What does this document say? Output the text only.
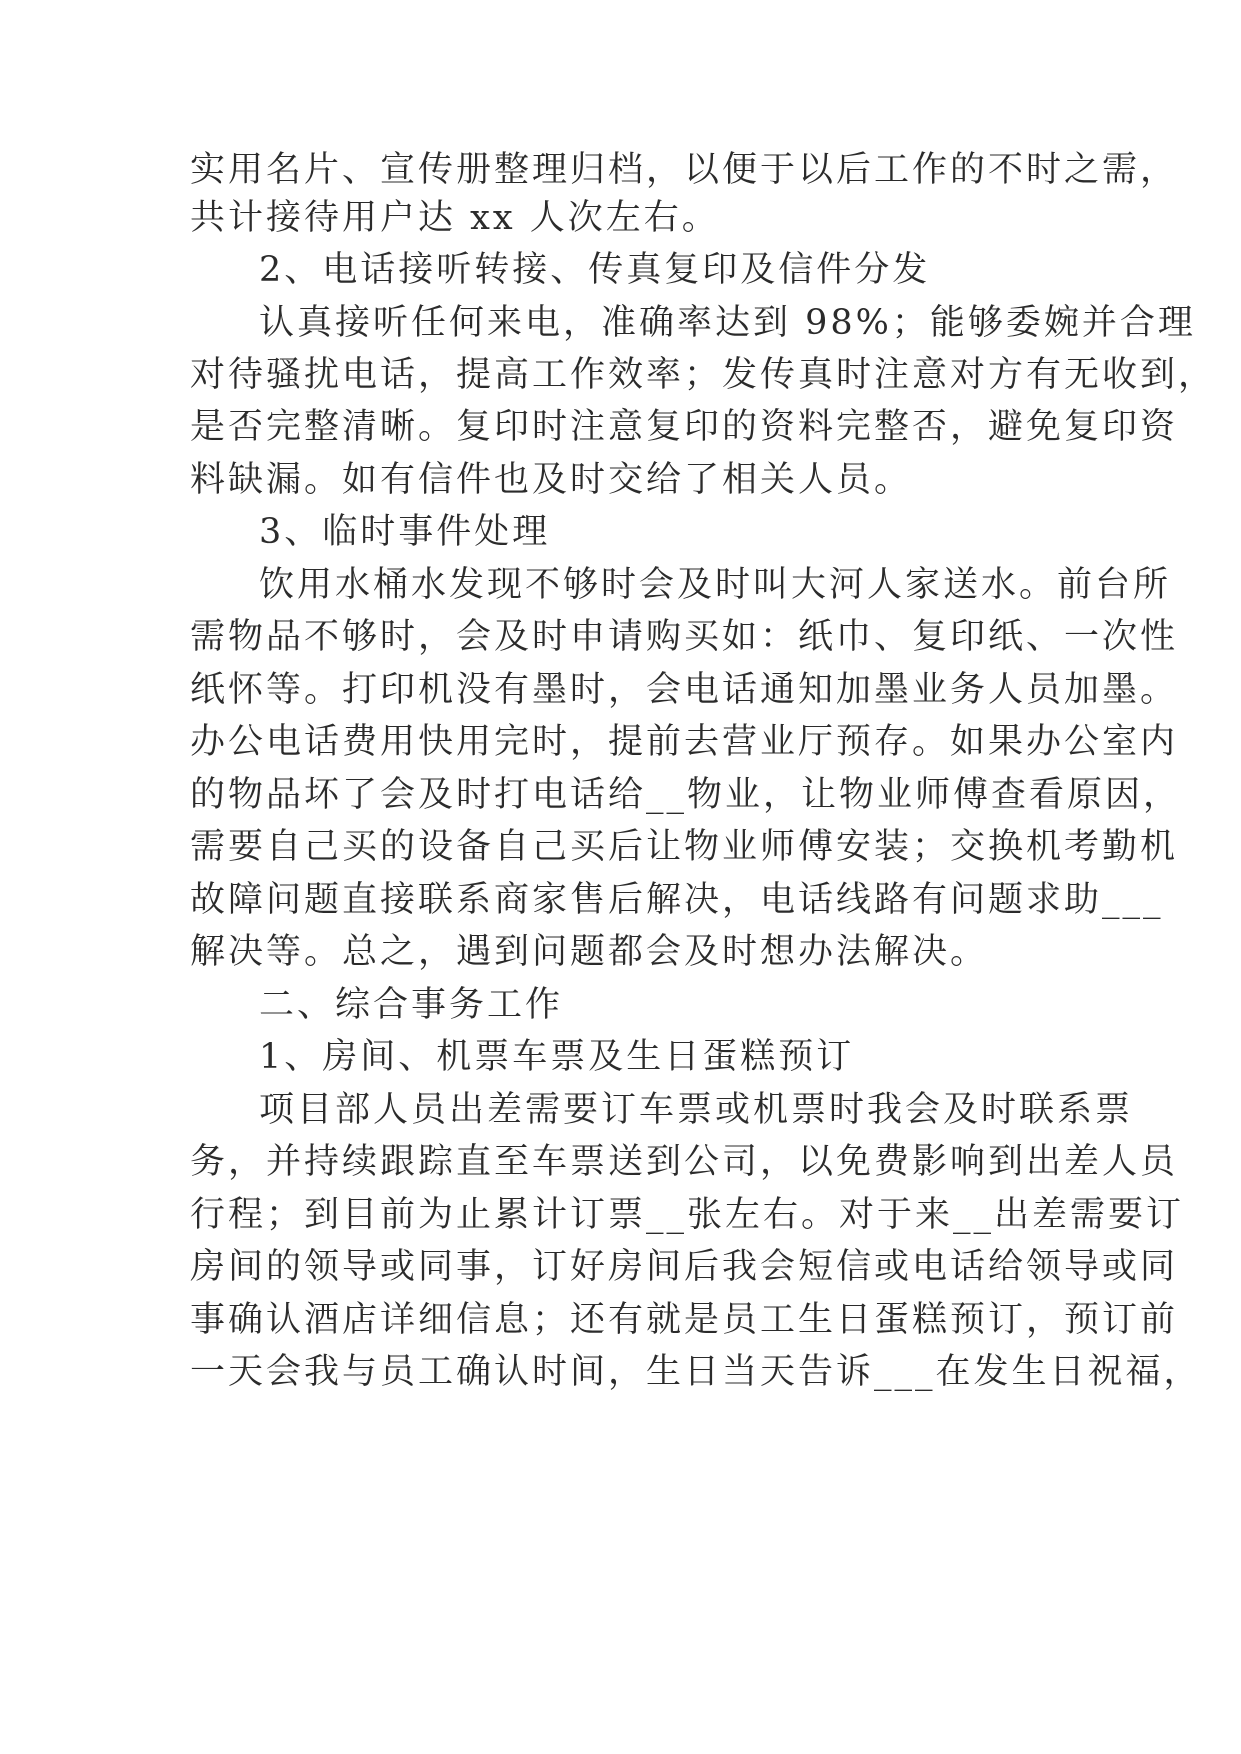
实用名片、宣传册整理归档，以便于以后工作的不时之需，
共计接待用户达 xx 人次左右。
2、电话接听转接、传真复印及信件分发
认真接听任何来电，准确率达到 98%；能够委婉并合理
对待骚扰电话，提高工作效率；发传真时注意对方有无收到，
是否完整清晰。复印时注意复印的资料完整否，避免复印资
料缺漏。如有信件也及时交给了相关人员。
3、临时事件处理
饮用水桶水发现不够时会及时叫大河人家送水。前台所
需物品不够时，会及时申请购买如：纸巾、复印纸、一次性
纸怀等。打印机没有墨时，会电话通知加墨业务人员加墨。
办公电话费用快用完时，提前去营业厅预存。如果办公室内
的物品坏了会及时打电话给__物业，让物业师傅查看原因，
需要自己买的设备自己买后让物业师傅安装；交换机考勤机
故障问题直接联系商家售后解决，电话线路有问题求助___
解决等。总之，遇到问题都会及时想办法解决。
二、综合事务工作
1、房间、机票车票及生日蛋糕预订
项目部人员出差需要订车票或机票时我会及时联系票
务，并持续跟踪直至车票送到公司，以免费影响到出差人员
行程；到目前为止累计订票__张左右。对于来__出差需要订
房间的领导或同事，订好房间后我会短信或电话给领导或同
事确认酒店详细信息；还有就是员工生日蛋糕预订，预订前
一天会我与员工确认时间，生日当天告诉___在发生日祝福，
